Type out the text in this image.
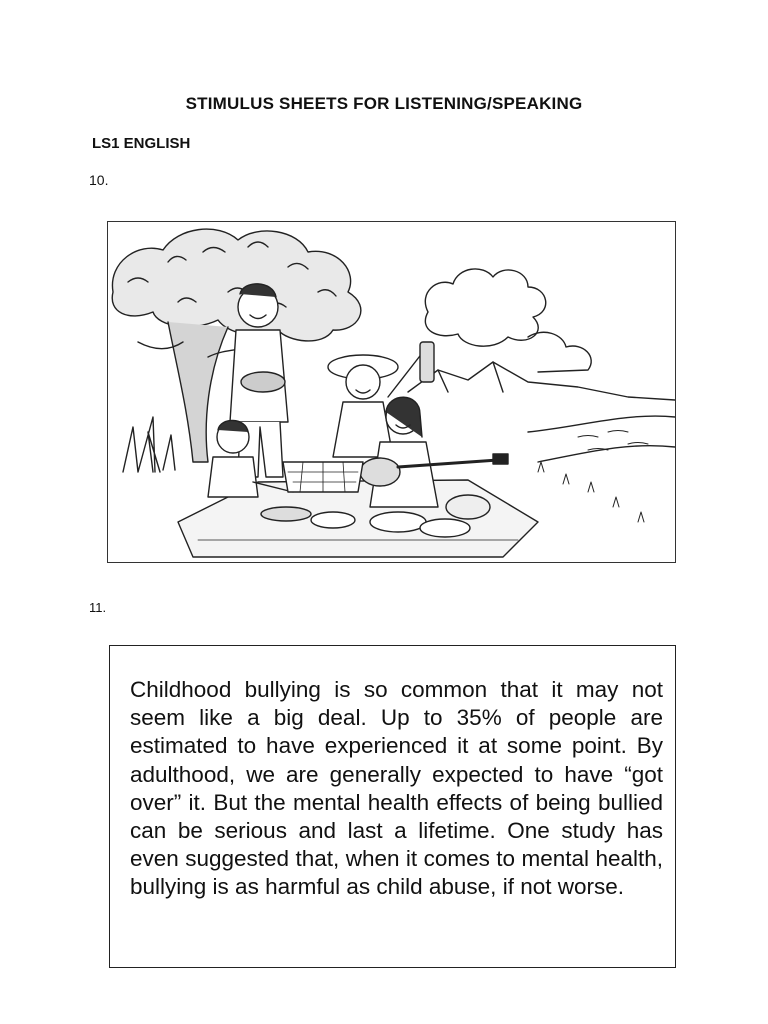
STIMULUS SHEETS FOR LISTENING/SPEAKING
LS1 ENGLISH
10.
11.

Childhood bullying is so common that it may not seem like a big deal. Up to 35% of people are estimated to have experienced it at some point. By adulthood, we are generally expected to have “got over” it. But the mental health effects of being bullied can be serious and last a lifetime. One study has even suggested that, when it comes to mental health, bullying is as harmful as child abuse, if not worse.
